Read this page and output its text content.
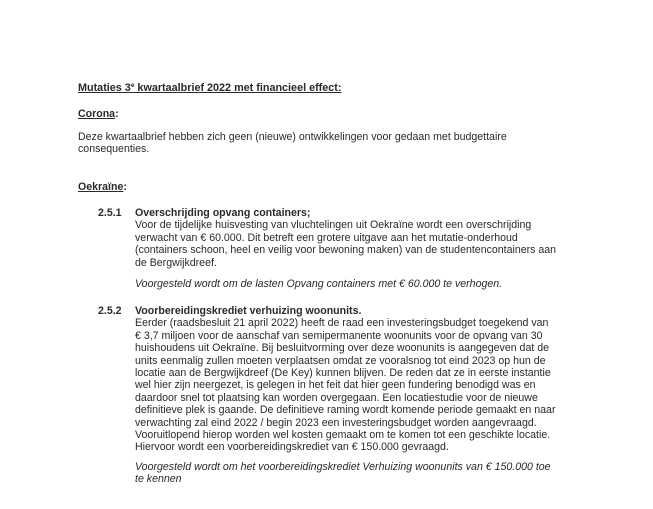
Mutaties 3e kwartaalbrief 2022 met financieel effect:
Corona:
Deze kwartaalbrief hebben zich geen (nieuwe) ontwikkelingen voor gedaan met budgettaire
consequenties.
Oekraïne:
2.5.1 Overschrijding opvang containers;
Voor de tijdelijke huisvesting van vluchtelingen uit Oekraïne wordt een overschrijding
verwacht van € 60.000. Dit betreft een grotere uitgave aan het mutatie-onderhoud
(containers schoon, heel en veilig voor bewoning maken) van de studentencontainers aan
de Bergwijkdreef.
Voorgesteld wordt om de lasten Opvang containers met € 60.000 te verhogen.
2.5.2 Voorbereidingskrediet verhuizing woonunits.
Eerder (raadsbesluit 21 april 2022) heeft de raad een investeringsbudget toegekend van
€ 3,7 miljoen voor de aanschaf van semipermanente woonunits voor de opvang van 30
huishoudens uit Oekraïne. Bij besluitvorming over deze woonunits is aangegeven dat de
units eenmalig zullen moeten verplaatsen omdat ze vooralsnog tot eind 2023 op hun de
locatie aan de Bergwijkdreef (De Key) kunnen blijven. De reden dat ze in eerste instantie
wel hier zijn neergezet, is gelegen in het feit dat hier geen fundering benodigd was en
daardoor snel tot plaatsing kan worden overgegaan. Een locatiestudie voor de nieuwe
definitieve plek is gaande. De definitieve raming wordt komende periode gemaakt en naar
verwachting zal eind 2022 / begin 2023 een investeringsbudget worden aangevraagd.
Vooruitlopend hierop worden wel kosten gemaakt om te komen tot een geschikte locatie.
Hiervoor wordt een voorbereidingskrediet van € 150.000 gevraagd.
Voorgesteld wordt om het voorbereidingskrediet Verhuizing woonunits van € 150.000 toe
te kennen
